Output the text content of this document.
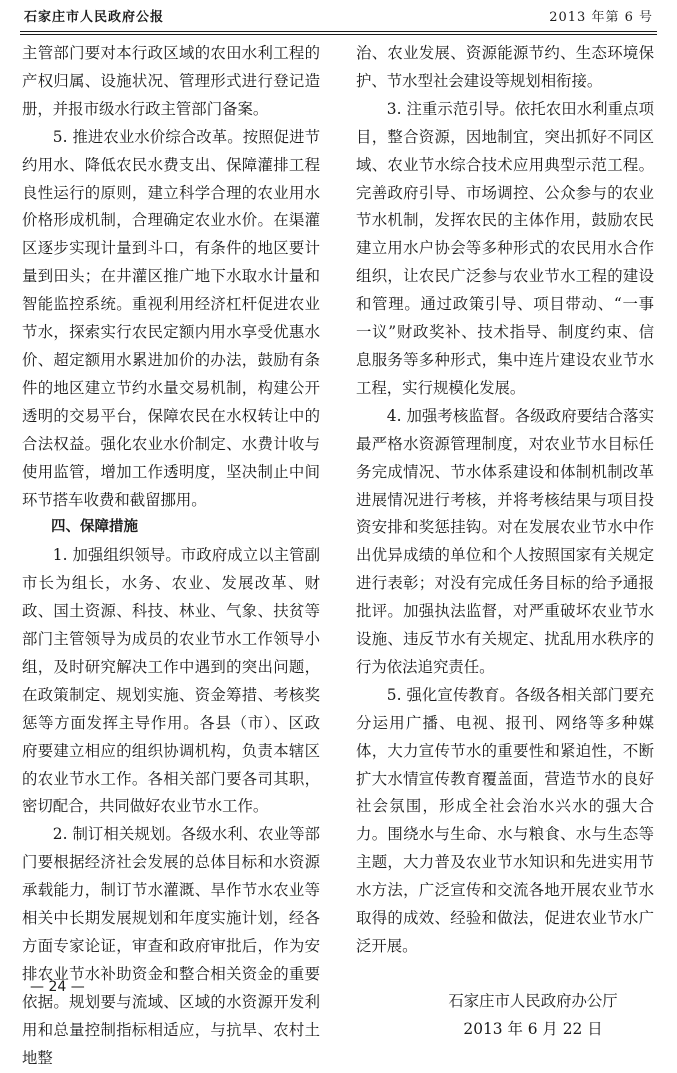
石家庄市人民政府公报	2013 年第 6 号

主管部门要对本行政区域的农田水利工程的产权归属、设施状况、管理形式进行登记造册，并报市级水行政主管部门备案。

5. 推进农业水价综合改革。按照促进节约用水、降低农民水费支出、保障灌排工程良性运行的原则，建立科学合理的农业用水价格形成机制，合理确定农业水价。在渠灌区逐步实现计量到斗口，有条件的地区要计量到田头；在井灌区推广地下水取水计量和智能监控系统。重视利用经济杠杆促进农业节水，探索实行农民定额内用水享受优惠水价、超定额用水累进加价的办法，鼓励有条件的地区建立节约水量交易机制，构建公开透明的交易平台，保障农民在水权转让中的合法权益。强化农业水价制定、水费计收与使用监管，增加工作透明度，坚决制止中间环节搭车收费和截留挪用。

四、保障措施

1. 加强组织领导。市政府成立以主管副市长为组长，水务、农业、发展改革、财政、国土资源、科技、林业、气象、扶贫等部门主管领导为成员的农业节水工作领导小组，及时研究解决工作中遇到的突出问题，在政策制定、规划实施、资金筹措、考核奖惩等方面发挥主导作用。各县（市）、区政府要建立相应的组织协调机构，负责本辖区的农业节水工作。各相关部门要各司其职，密切配合，共同做好农业节水工作。

2. 制订相关规划。各级水利、农业等部门要根据经济社会发展的总体目标和水资源承载能力，制订节水灌溉、旱作节水农业等相关中长期发展规划和年度实施计划，经各方面专家论证，审查和政府审批后，作为安排农业节水补助资金和整合相关资金的重要依据。规划要与流域、区域的水资源开发利用和总量控制指标相适应，与抗旱、农村土地整

治、农业发展、资源能源节约、生态环境保护、节水型社会建设等规划相衔接。

3. 注重示范引导。依托农田水利重点项目，整合资源，因地制宜，突出抓好不同区域、农业节水综合技术应用典型示范工程。完善政府引导、市场调控、公众参与的农业节水机制，发挥农民的主体作用，鼓励农民建立用水户协会等多种形式的农民用水合作组织，让农民广泛参与农业节水工程的建设和管理。通过政策引导、项目带动、“一事一议”财政奖补、技术指导、制度约束、信息服务等多种形式，集中连片建设农业节水工程，实行规模化发展。

4. 加强考核监督。各级政府要结合落实最严格水资源管理制度，对农业节水目标任务完成情况、节水体系建设和体制机制改革进展情况进行考核，并将考核结果与项目投资安排和奖惩挂钩。对在发展农业节水中作出优异成绩的单位和个人按照国家有关规定进行表彰；对没有完成任务目标的给予通报批评。加强执法监督，对严重破坏农业节水设施、违反节水有关规定、扰乱用水秩序的行为依法追究责任。

5. 强化宣传教育。各级各相关部门要充分运用广播、电视、报刊、网络等多种媒体，大力宣传节水的重要性和紧迫性，不断扩大水情宣传教育覆盖面，营造节水的良好社会氛围，形成全社会治水兴水的强大合力。围绕水与生命、水与粮食、水与生态等主题，大力普及农业节水知识和先进实用节水方法，广泛宣传和交流各地开展农业节水取得的成效、经验和做法，促进农业节水广泛开展。

石家庄市人民政府办公厅
2013 年 6 月 22 日
— 24 —
